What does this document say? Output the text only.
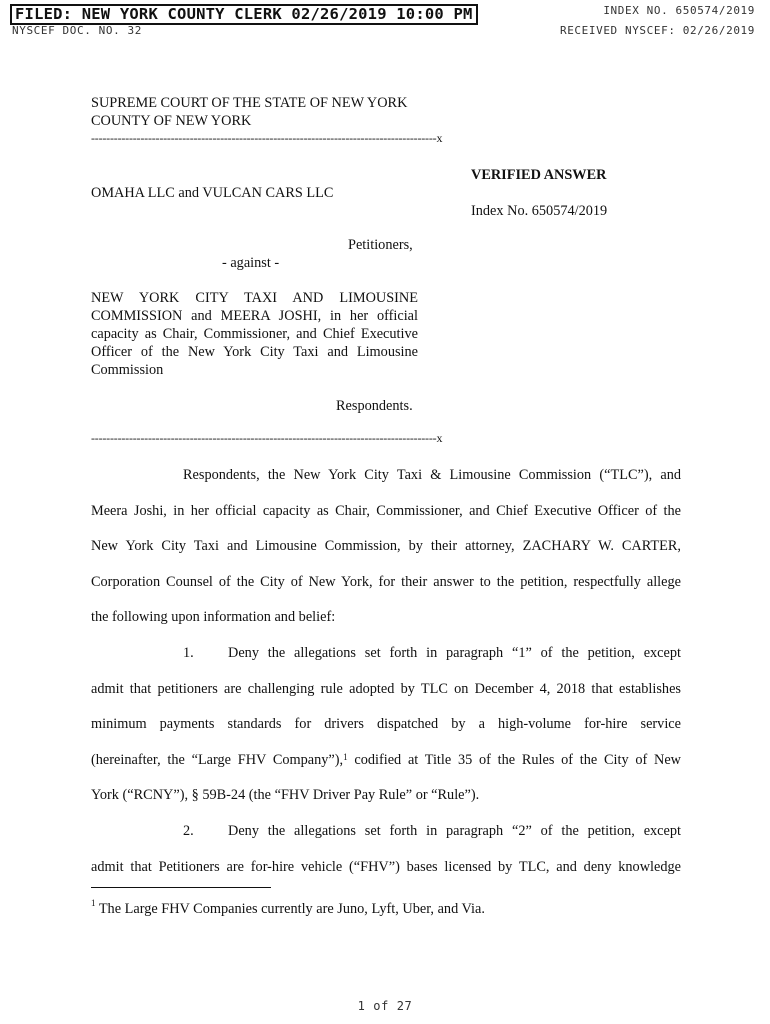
FILED: NEW YORK COUNTY CLERK 02/26/2019 10:00 PM	INDEX NO. 650574/2019
NYSCEF DOC. NO. 32	RECEIVED NYSCEF: 02/26/2019
SUPREME COURT OF THE STATE OF NEW YORK
COUNTY OF NEW YORK
-------------------------------------------------------------------------------------------x
VERIFIED ANSWER
OMAHA LLC and VULCAN CARS LLC
Index No. 650574/2019
Petitioners,
- against -
NEW YORK CITY TAXI AND LIMOUSINE COMMISSION and MEERA JOSHI, in her official capacity as Chair, Commissioner, and Chief Executive Officer of the New York City Taxi and Limousine Commission
Respondents.
-------------------------------------------------------------------------------------------x
Respondents, the New York City Taxi & Limousine Commission (“TLC”), and
Meera Joshi, in her official capacity as Chair, Commissioner, and Chief Executive Officer of the
New York City Taxi and Limousine Commission, by their attorney, ZACHARY W. CARTER,
Corporation Counsel of the City of New York, for their answer to the petition, respectfully allege
the following upon information and belief:
1. Deny the allegations set forth in paragraph “1” of the petition, except
admit that petitioners are challenging rule adopted by TLC on December 4, 2018 that establishes
minimum payments standards for drivers dispatched by a high-volume for-hire service
(hereinafter, the “Large FHV Company”),$^1$ codified at Title 35 of the Rules of the City of New
York (“RCNY”), § 59B-24 (the “FHV Driver Pay Rule” or “Rule”).
2. Deny the allegations set forth in paragraph “2” of the petition, except
admit that Petitioners are for-hire vehicle (“FHV”) bases licensed by TLC, and deny knowledge
$^1$ The Large FHV Companies currently are Juno, Lyft, Uber, and Via.
1 of 27
